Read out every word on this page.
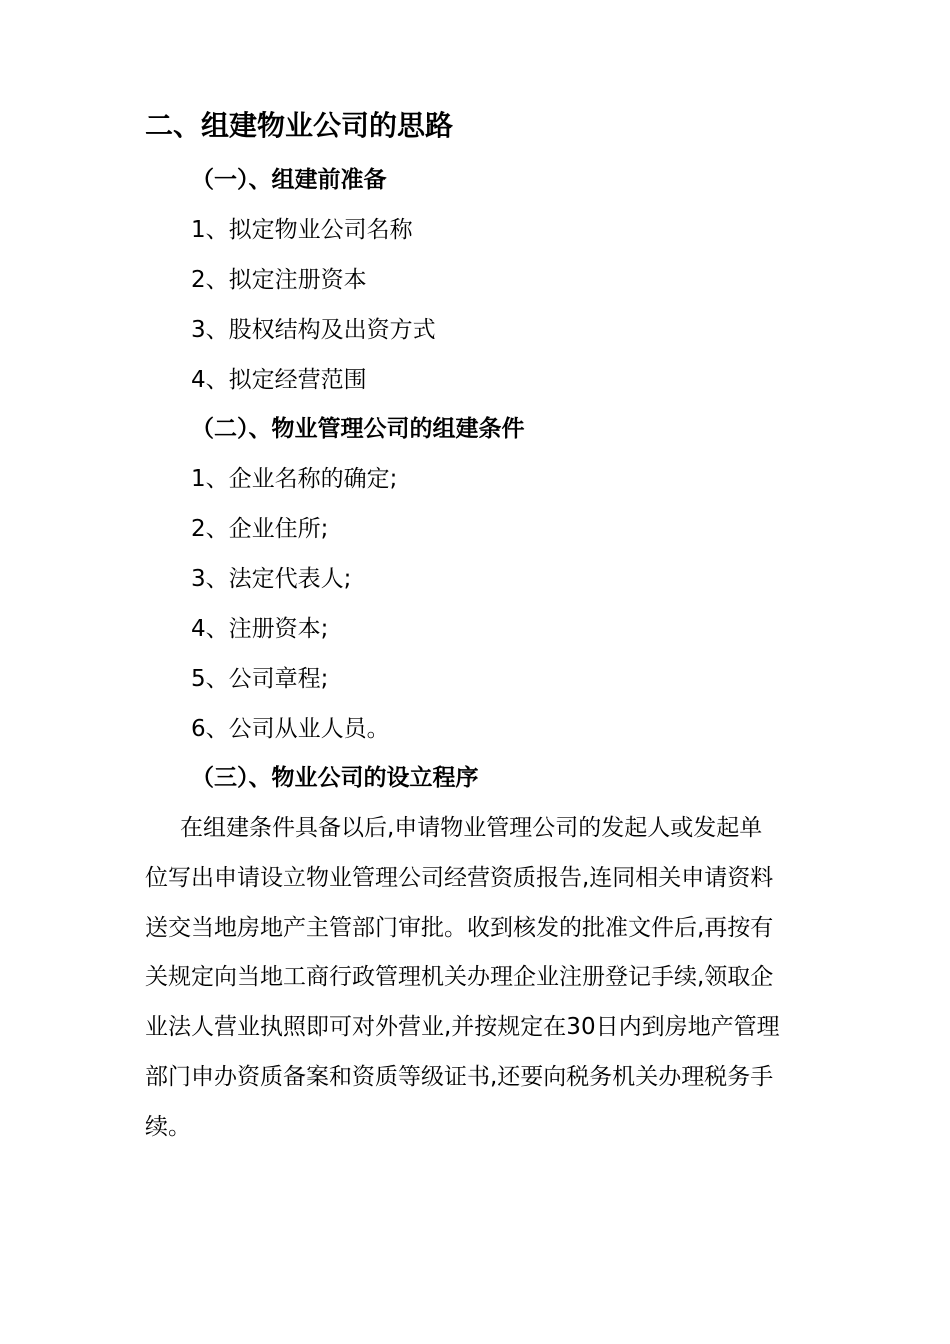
二、组建物业公司的思路
（一）、组建前准备
1、拟定物业公司名称
2、拟定注册资本
3、股权结构及出资方式
4、拟定经营范围
（二）、物业管理公司的组建条件
1、企业名称的确定;
2、企业住所;
3、法定代表人;
4、注册资本;
5、公司章程;
6、公司从业人员。
（三）、物业公司的设立程序
在组建条件具备以后,申请物业管理公司的发起人或发起单
位写出申请设立物业管理公司经营资质报告,连同相关申请资料
送交当地房地产主管部门审批。收到核发的批准文件后,再按有
关规定向当地工商行政管理机关办理企业注册登记手续,领取企
业法人营业执照即可对外营业,并按规定在30日内到房地产管理
部门申办资质备案和资质等级证书,还要向税务机关办理税务手
续。
